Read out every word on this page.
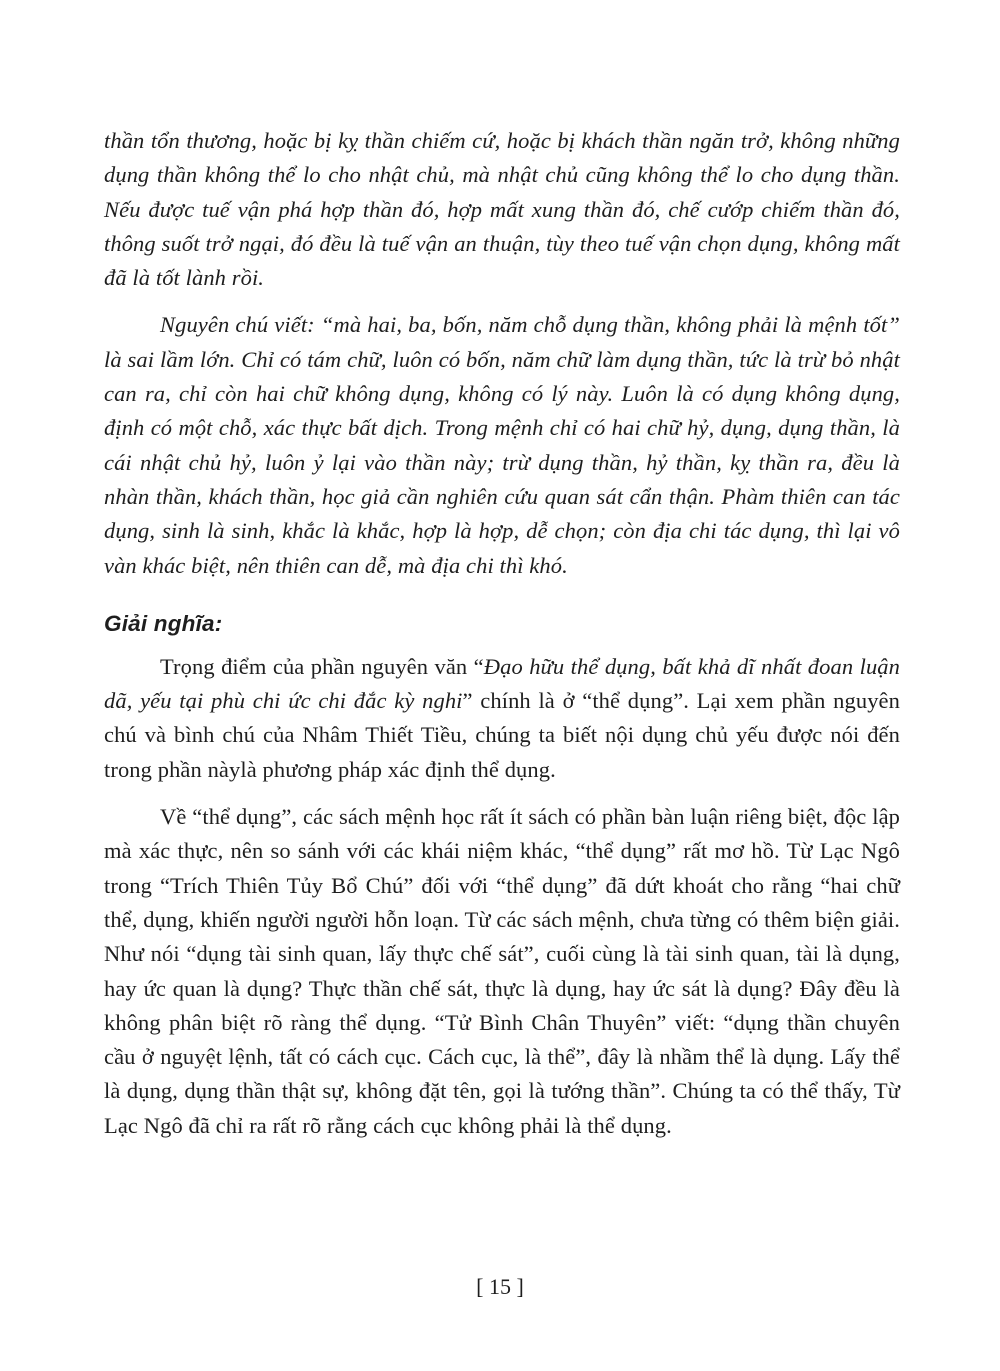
thần tổn thương, hoặc bị kỵ thần chiếm cứ, hoặc bị khách thần ngăn trở, không những dụng thần không thể lo cho nhật chủ, mà nhật chủ cũng không thể lo cho dụng thần. Nếu được tuế vận phá hợp thần đó, hợp mất xung thần đó, chế cướp chiếm thần đó, thông suốt trở ngại, đó đều là tuế vận an thuận, tùy theo tuế vận chọn dụng, không mất đã là tốt lành rồi.

Nguyên chú viết: “mà hai, ba, bốn, năm chỗ dụng thần, không phải là mệnh tốt” là sai lầm lớn. Chỉ có tám chữ, luôn có bốn, năm chữ làm dụng thần, tức là trừ bỏ nhật can ra, chỉ còn hai chữ không dụng, không có lý này. Luôn là có dụng không dụng, định có một chỗ, xác thực bất dịch. Trong mệnh chỉ có hai chữ hỷ, dụng, dụng thần, là cái nhật chủ hỷ, luôn ỷ lại vào thần này; trừ dụng thần, hỷ thần, kỵ thần ra, đều là nhàn thần, khách thần, học giả cần nghiên cứu quan sát cẩn thận. Phàm thiên can tác dụng, sinh là sinh, khắc là khắc, hợp là hợp, dễ chọn; còn địa chi tác dụng, thì lại vô vàn khác biệt, nên thiên can dễ, mà địa chi thì khó.

Giải nghĩa:

Trọng điểm của phần nguyên văn “Đạo hữu thể dụng, bất khả dĩ nhất đoan luận dã, yếu tại phù chi ức chi đắc kỳ nghi” chính là ở “thể dụng”. Lại xem phần nguyên chú và bình chú của Nhâm Thiết Tiều, chúng ta biết nội dụng chủ yếu được nói đến trong phần nàylà phương pháp xác định thể dụng.

Về “thể dụng”, các sách mệnh học rất ít sách có phần bàn luận riêng biệt, độc lập mà xác thực, nên so sánh với các khái niệm khác, “thể dụng” rất mơ hồ. Từ Lạc Ngô trong “Trích Thiên Tủy Bổ Chú” đối với “thể dụng” đã dứt khoát cho rằng “hai chữ thể, dụng, khiến người người hỗn loạn. Từ các sách mệnh, chưa từng có thêm biện giải. Như nói “dụng tài sinh quan, lấy thực chế sát”, cuối cùng là tài sinh quan, tài là dụng, hay ức quan là dụng? Thực thần chế sát, thực là dụng, hay ức sát là dụng? Đây đều là không phân biệt rõ ràng thể dụng. “Tử Bình Chân Thuyên” viết: “dụng thần chuyên cầu ở nguyệt lệnh, tất có cách cục. Cách cục, là thể”, đây là nhầm thể là dụng. Lấy thể là dụng, dụng thần thật sự, không đặt tên, gọi là tướng thần”. Chúng ta có thể thấy, Từ Lạc Ngô đã chỉ ra rất rõ rằng cách cục không phải là thể dụng.

[ 15 ]
